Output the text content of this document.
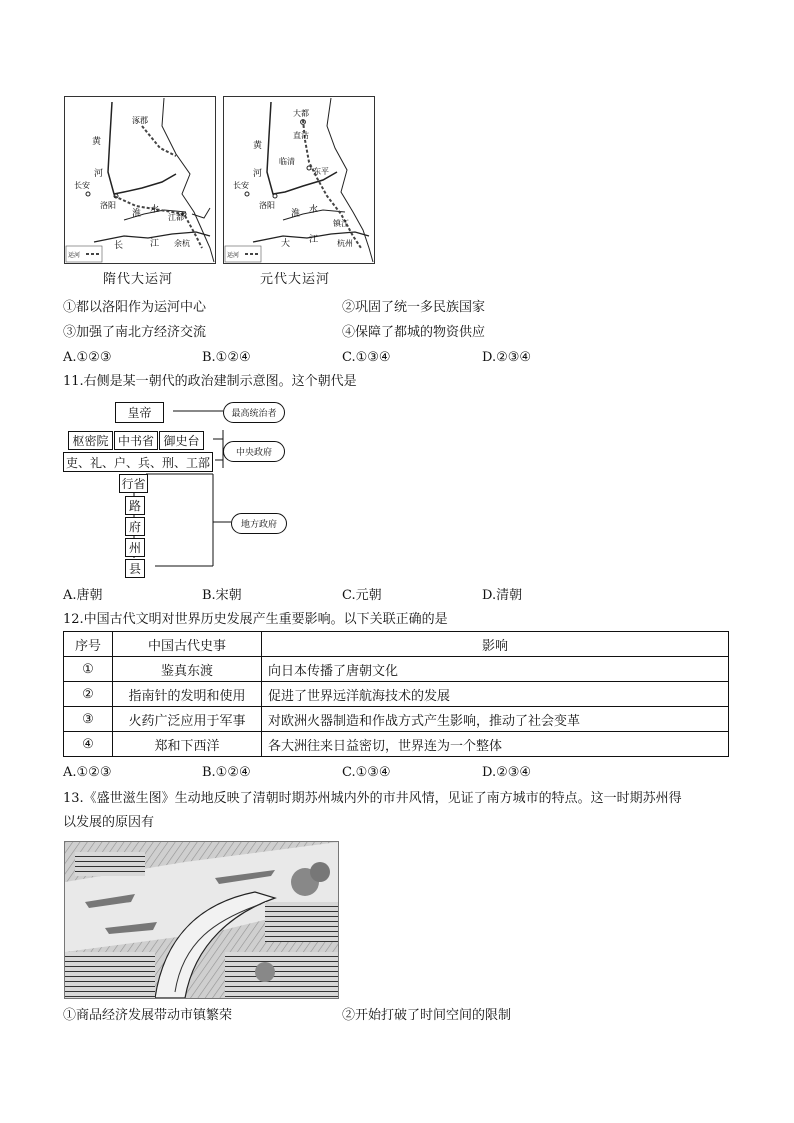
涿郡
黄
河
长安
洛阳
淮 水
江都
余杭
长	江
运河
隋代大运河
大都
直沽
黄
河
临清
东平
长安
洛阳
淮 水
镇江
杭州
大 江
运河
元代大运河
①都以洛阳作为运河中心	②巩固了统一多民族国家
③加强了南北方经济交流	④保障了都城的物资供应
A.①②③	B.①②④	C.①③④	D.②③④
11.右侧是某一朝代的政治建制示意图。这个朝代是
皇帝	最高统治者
枢密院 中书省 御史台
中央政府
吏、礼、户、兵、刑、工部
行省
路
府
州
县
地方政府
A.唐朝	B.宋朝	C.元朝	D.清朝
12.中国古代文明对世界历史发展产生重要影响。以下关联正确的是
序号	中国古代史事	影响
①	鉴真东渡	向日本传播了唐朝文化
②	指南针的发明和使用	促进了世界远洋航海技术的发展
③	火药广泛应用于军事	对欧洲火器制造和作战方式产生影响，推动了社会变革
④	郑和下西洋	各大洲往来日益密切，世界连为一个整体
A.①②③	B.①②④	C.①③④	D.②③④
13.《盛世滋生图》生动地反映了清朝时期苏州城内外的市井风情，见证了南方城市的特点。这一时期苏州得
以发展的原因有
①商品经济发展带动市镇繁荣	②开始打破了时间空间的限制
